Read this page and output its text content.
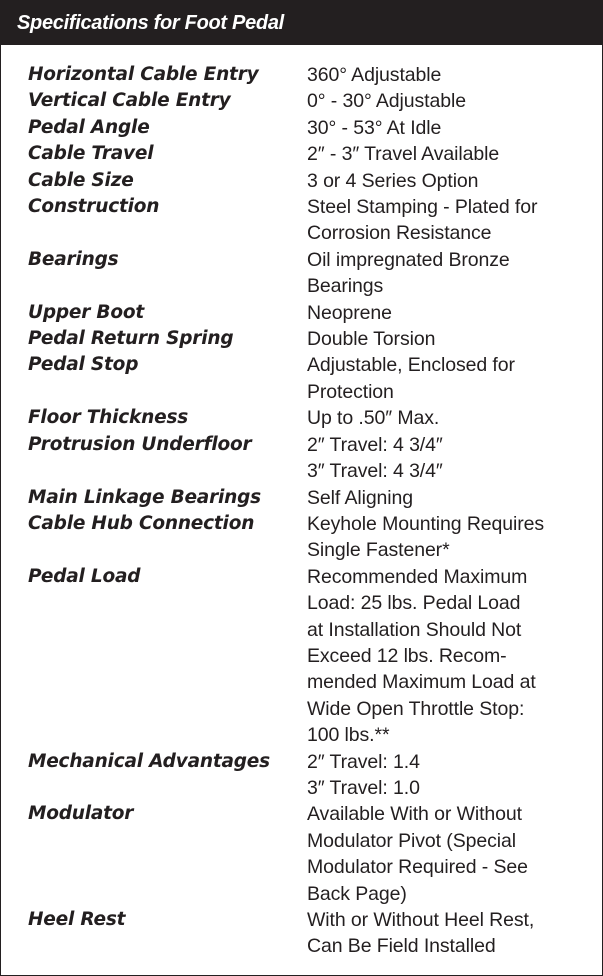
Specifications for Foot Pedal
Horizontal Cable Entry	360° Adjustable
Vertical Cable Entry	0° - 30° Adjustable
Pedal Angle	30° - 53° At Idle
Cable Travel	2″ - 3″ Travel Available
Cable Size	3 or 4 Series Option
Construction	Steel Stamping - Plated for
Corrosion Resistance
Bearings	Oil impregnated Bronze
Bearings
Upper Boot	Neoprene
Pedal Return Spring	Double Torsion
Pedal Stop	Adjustable, Enclosed for
Protection
Floor Thickness	Up to .50″ Max.
Protrusion Underfloor	2″ Travel: 4 3/4″
3″ Travel: 4 3/4″
Main Linkage Bearings	Self Aligning
Cable Hub Connection	Keyhole Mounting Requires
Single Fastener*
Pedal Load	Recommended Maximum
Load: 25 lbs. Pedal Load
at Installation Should Not
Exceed 12 lbs. Recom-
mended Maximum Load at
Wide Open Throttle Stop:
100 lbs.**
Mechanical Advantages	2″ Travel: 1.4
3″ Travel: 1.0
Modulator	Available With or Without
Modulator Pivot (Special
Modulator Required - See
Back Page)
Heel Rest	With or Without Heel Rest,
Can Be Field Installed
